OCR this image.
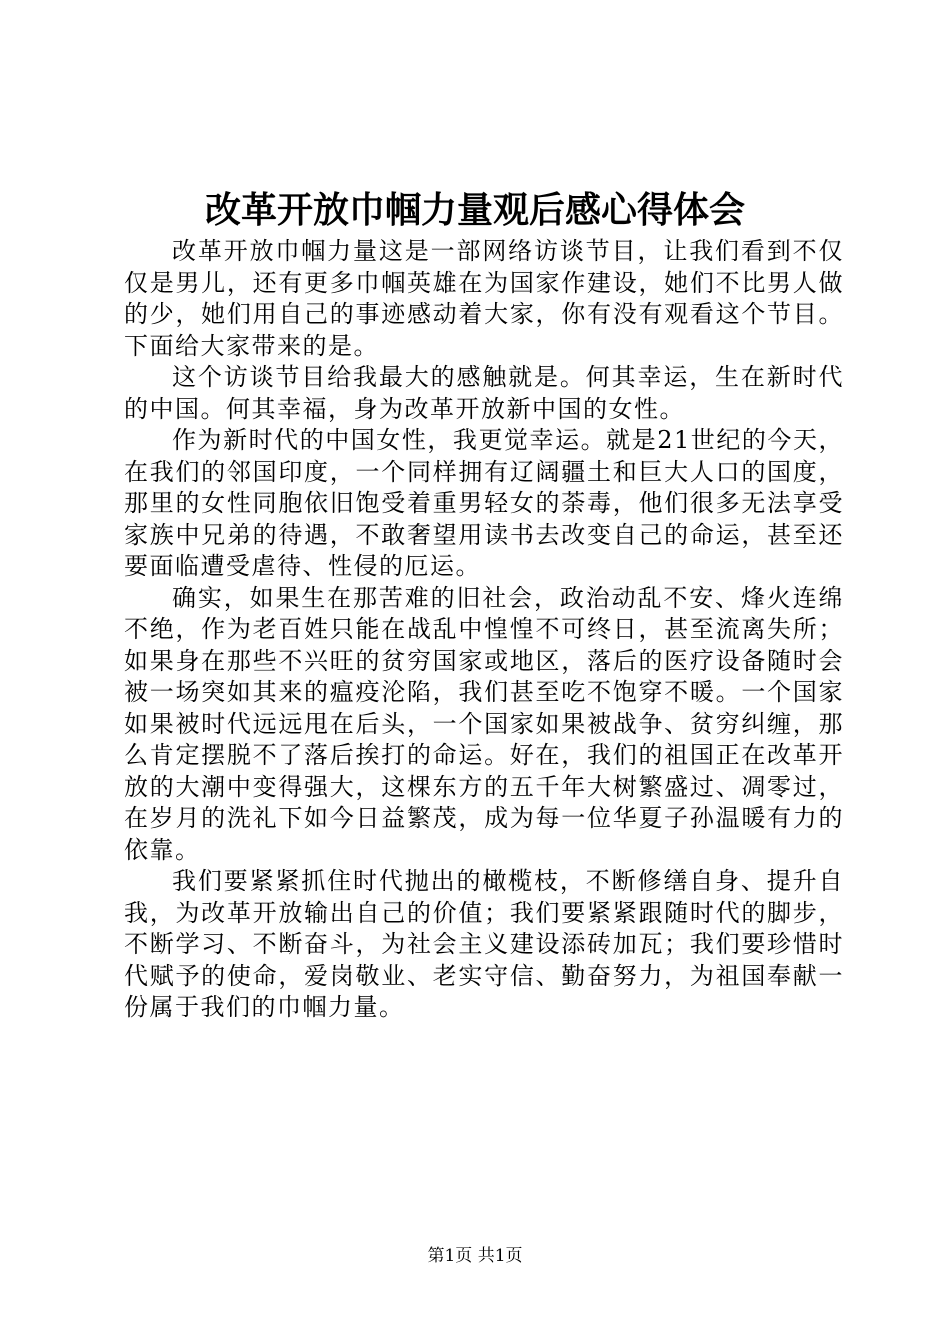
改革开放巾帼力量观后感心得体会

改革开放巾帼力量这是一部网络访谈节目，让我们看到不仅仅是男儿，还有更多巾帼英雄在为国家作建设，她们不比男人做的少，她们用自己的事迹感动着大家，你有没有观看这个节目。下面给大家带来的是。

这个访谈节目给我最大的感触就是。何其幸运，生在新时代的中国。何其幸福，身为改革开放新中国的女性。

作为新时代的中国女性，我更觉幸运。就是21世纪的今天，在我们的邻国印度，一个同样拥有辽阔疆土和巨大人口的国度，那里的女性同胞依旧饱受着重男轻女的荼毒，他们很多无法享受家族中兄弟的待遇，不敢奢望用读书去改变自己的命运，甚至还要面临遭受虐待、性侵的厄运。

确实，如果生在那苦难的旧社会，政治动乱不安、烽火连绵不绝，作为老百姓只能在战乱中惶惶不可终日，甚至流离失所；如果身在那些不兴旺的贫穷国家或地区，落后的医疗设备随时会被一场突如其来的瘟疫沦陷，我们甚至吃不饱穿不暖。一个国家如果被时代远远甩在后头，一个国家如果被战争、贫穷纠缠，那么肯定摆脱不了落后挨打的命运。好在，我们的祖国正在改革开放的大潮中变得强大，这棵东方的五千年大树繁盛过、凋零过，在岁月的洗礼下如今日益繁茂，成为每一位华夏子孙温暖有力的依靠。

我们要紧紧抓住时代抛出的橄榄枝，不断修缮自身、提升自我，为改革开放输出自己的价值；我们要紧紧跟随时代的脚步，不断学习、不断奋斗，为社会主义建设添砖加瓦；我们要珍惜时代赋予的使命，爱岗敬业、老实守信、勤奋努力，为祖国奉献一份属于我们的巾帼力量。

第1页 共1页
